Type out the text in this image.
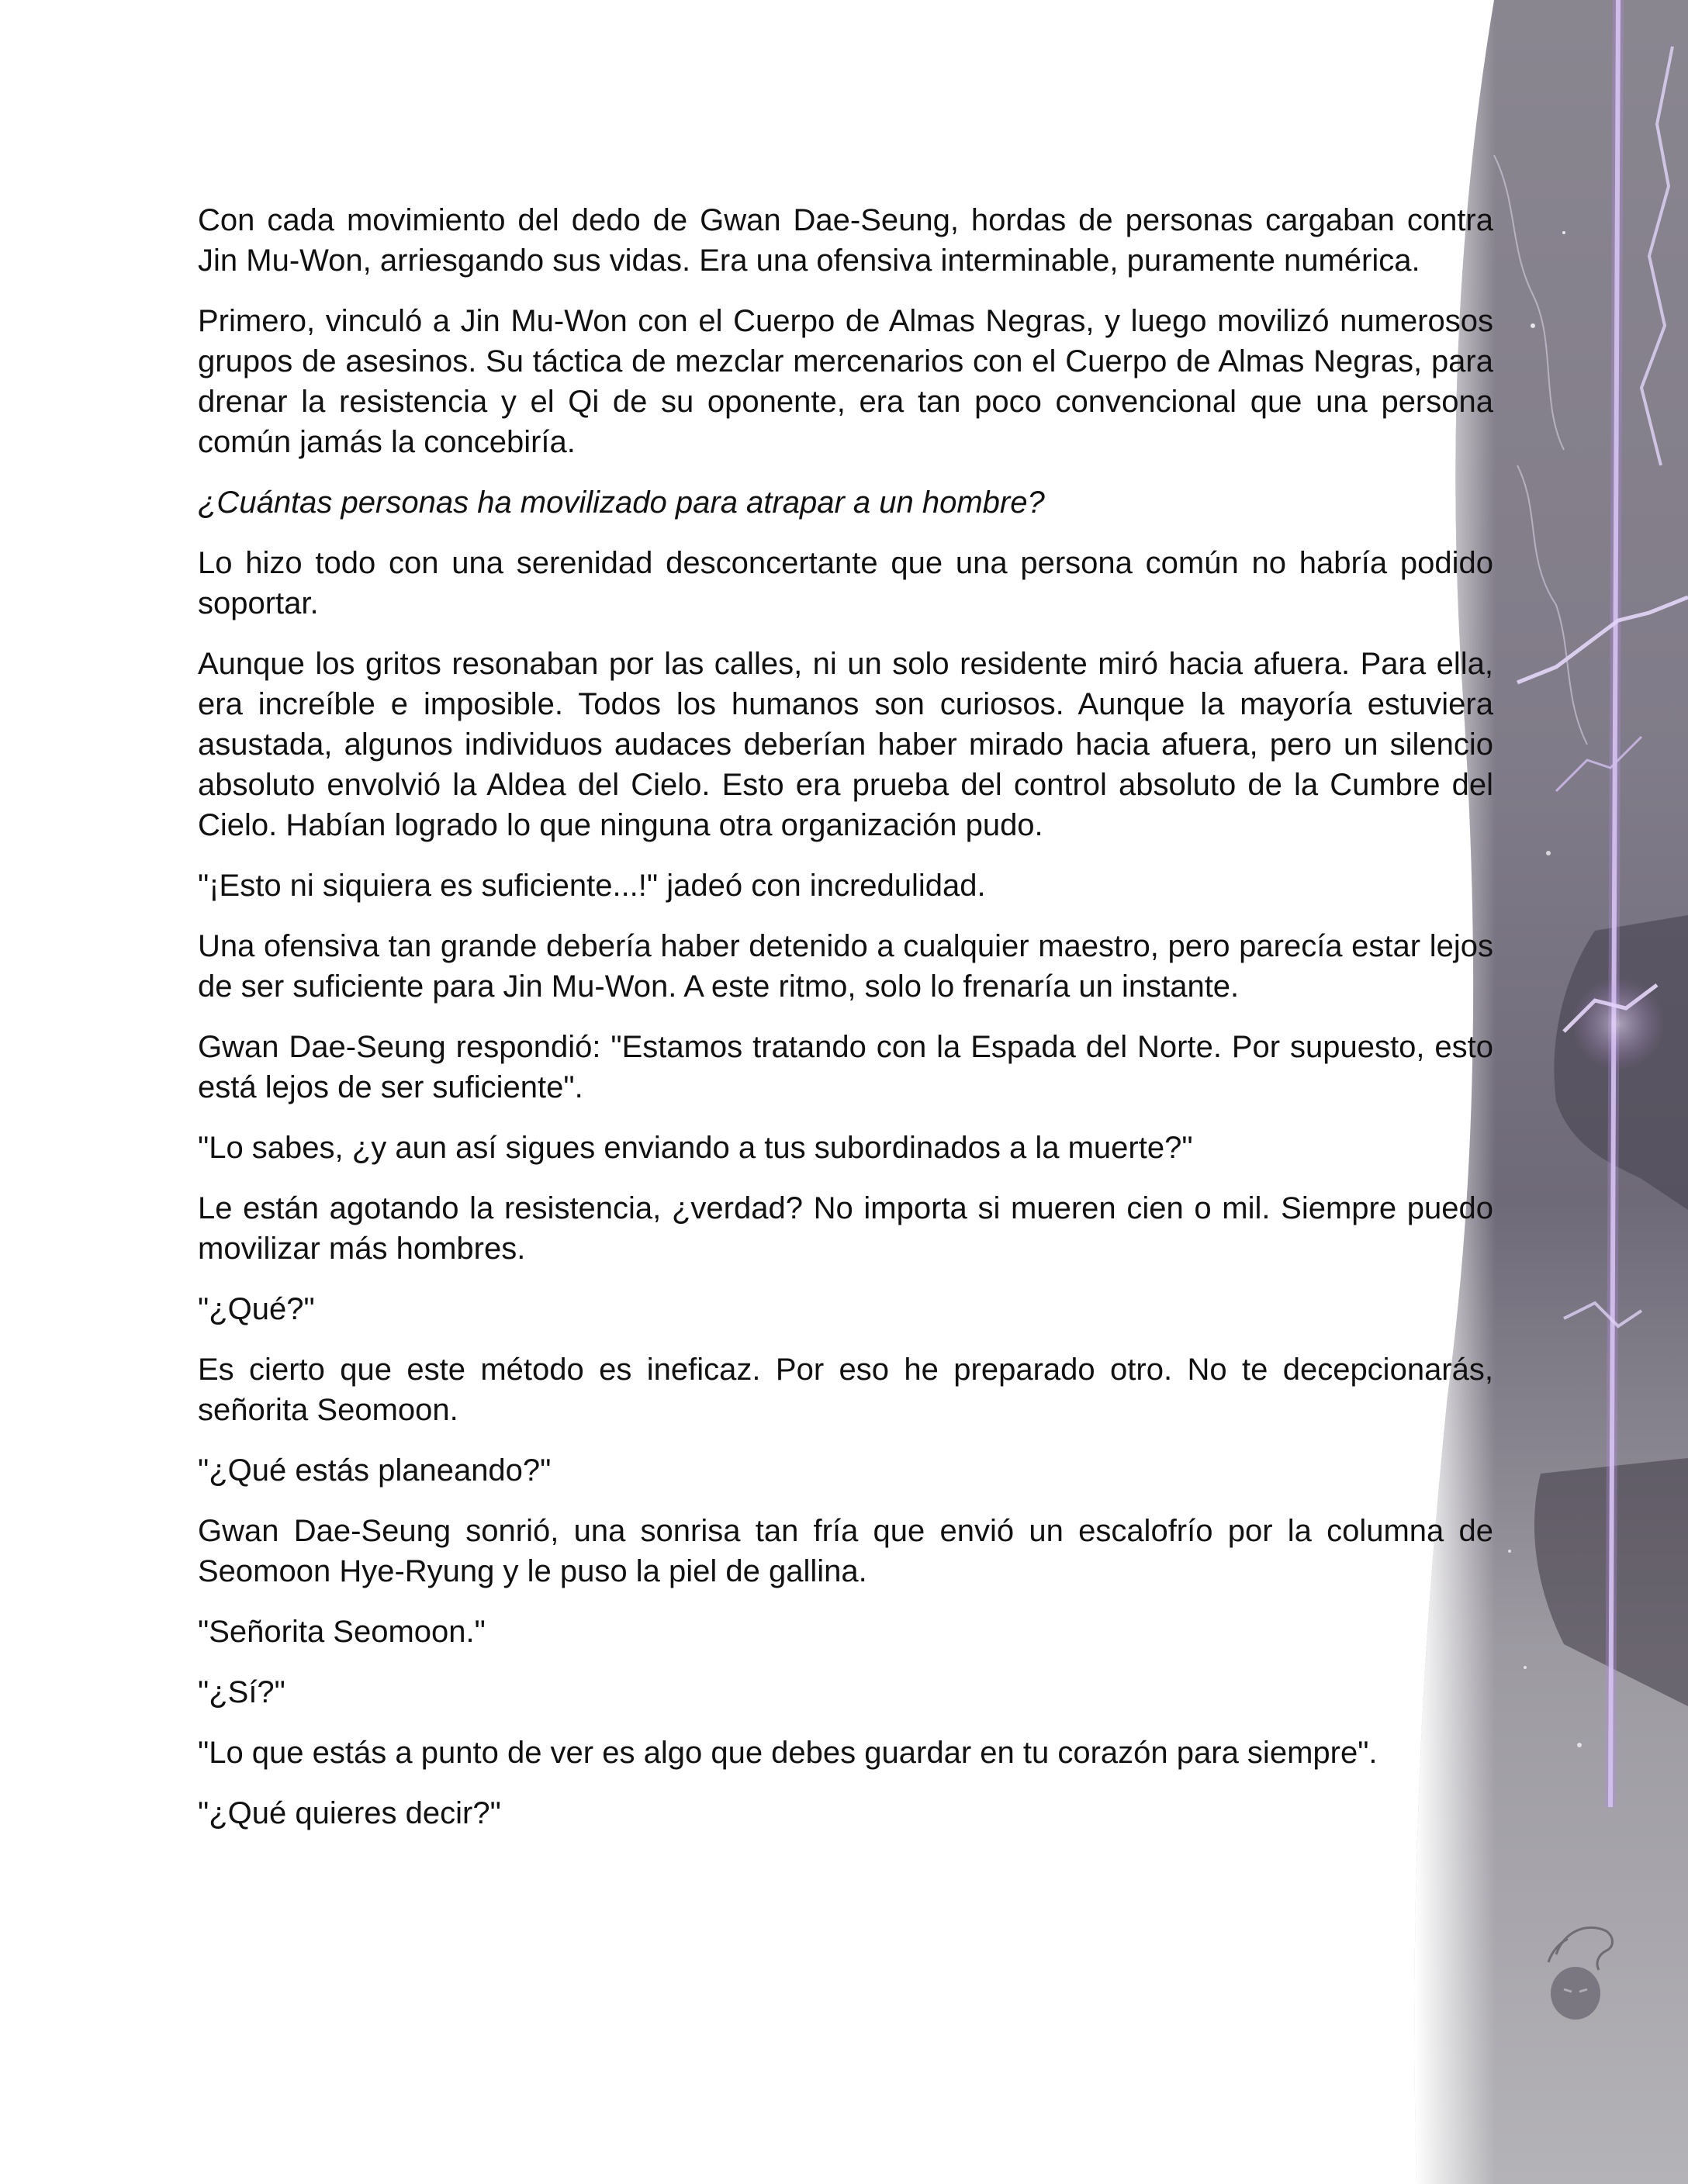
Con cada movimiento del dedo de Gwan Dae-Seung, hordas de personas cargaban contra Jin Mu-Won, arriesgando sus vidas. Era una ofensiva interminable, puramente numérica.

Primero, vinculó a Jin Mu-Won con el Cuerpo de Almas Negras, y luego movilizó numerosos grupos de asesinos. Su táctica de mezclar mercenarios con el Cuerpo de Almas Negras, para drenar la resistencia y el Qi de su oponente, era tan poco convencional que una persona común jamás la concebiría.

¿Cuántas personas ha movilizado para atrapar a un hombre?

Lo hizo todo con una serenidad desconcertante que una persona común no habría podido soportar.

Aunque los gritos resonaban por las calles, ni un solo residente miró hacia afuera. Para ella, era increíble e imposible. Todos los humanos son curiosos. Aunque la mayoría estuviera asustada, algunos individuos audaces deberían haber mirado hacia afuera, pero un silencio absoluto envolvió la Aldea del Cielo. Esto era prueba del control absoluto de la Cumbre del Cielo. Habían logrado lo que ninguna otra organización pudo.

"¡Esto ni siquiera es suficiente...!" jadeó con incredulidad.

Una ofensiva tan grande debería haber detenido a cualquier maestro, pero parecía estar lejos de ser suficiente para Jin Mu-Won. A este ritmo, solo lo frenaría un instante.

Gwan Dae-Seung respondió: "Estamos tratando con la Espada del Norte. Por supuesto, esto está lejos de ser suficiente".

"Lo sabes, ¿y aun así sigues enviando a tus subordinados a la muerte?"

Le están agotando la resistencia, ¿verdad? No importa si mueren cien o mil. Siempre puedo movilizar más hombres.

"¿Qué?"

Es cierto que este método es ineficaz. Por eso he preparado otro. No te decepcionarás, señorita Seomoon.

"¿Qué estás planeando?"

Gwan Dae-Seung sonrió, una sonrisa tan fría que envió un escalofrío por la columna de Seomoon Hye-Ryung y le puso la piel de gallina.

"Señorita Seomoon."

"¿Sí?"

"Lo que estás a punto de ver es algo que debes guardar en tu corazón para siempre".

"¿Qué quieres decir?"
